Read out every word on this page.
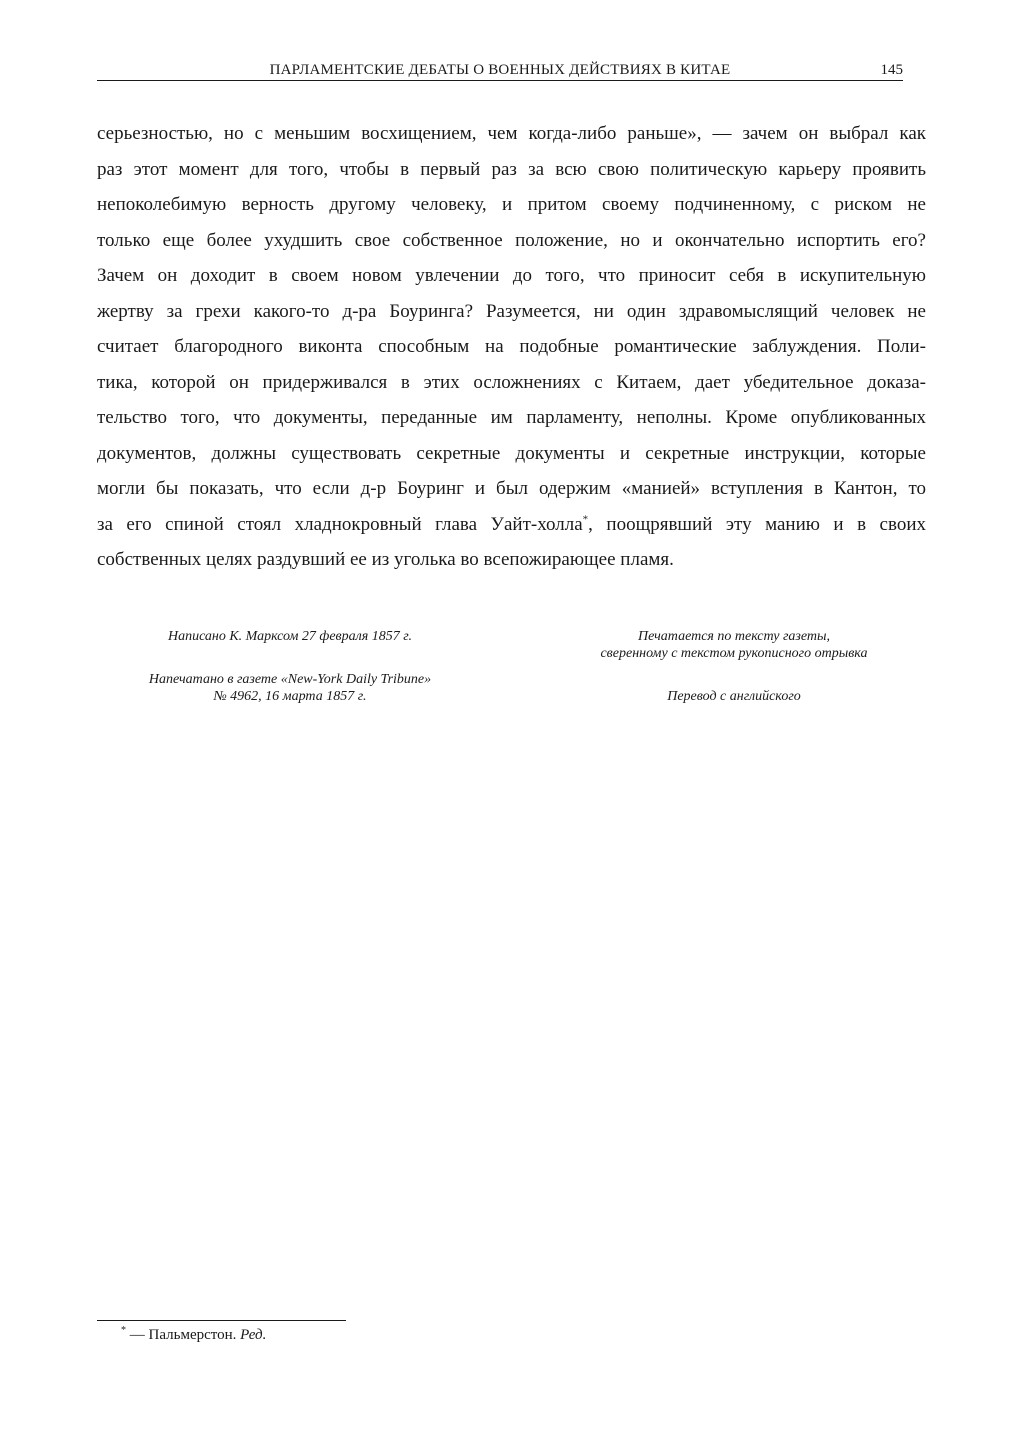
ПАРЛАМЕНТСКИЕ ДЕБАТЫ О ВОЕННЫХ ДЕЙСТВИЯХ В КИТАЕ	145
серьезностью, но с меньшим восхищением, чем когда-либо раньше», — зачем он выбрал как
раз этот момент для того, чтобы в первый раз за всю свою политическую карьеру проявить
непоколебимую верность другому человеку, и притом своему подчиненному, с риском не
только еще более ухудшить свое собственное положение, но и окончательно испортить его?
Зачем он доходит в своем новом увлечении до того, что приносит себя в искупительную
жертву за грехи какого-то д-ра Боуринга? Разумеется, ни один здравомыслящий человек не
считает благородного виконта способным на подобные романтические заблуждения. Поли-
тика, которой он придерживался в этих осложнениях с Китаем, дает убедительное доказа-
тельство того, что документы, переданные им парламенту, неполны. Кроме опубликованных
документов, должны существовать секретные документы и секретные инструкции, которые
могли бы показать, что если д-р Боуринг и был одержим «манией» вступления в Кантон, то
за его спиной стоял хладнокровный глава Уайт-холла*, поощрявший эту манию и в своих
собственных целях раздувший ее из уголька во всепожирающее пламя.

Написано К. Марксом 27 февраля 1857 г.

Напечатано в газете «New-York Daily Tribune»

№ 4962, 16 марта 1857 г.

Печатается по тексту газеты,

сверенному с текстом рукописного отрывка

Перевод с английского

* — Пальмерстон. Ред.
